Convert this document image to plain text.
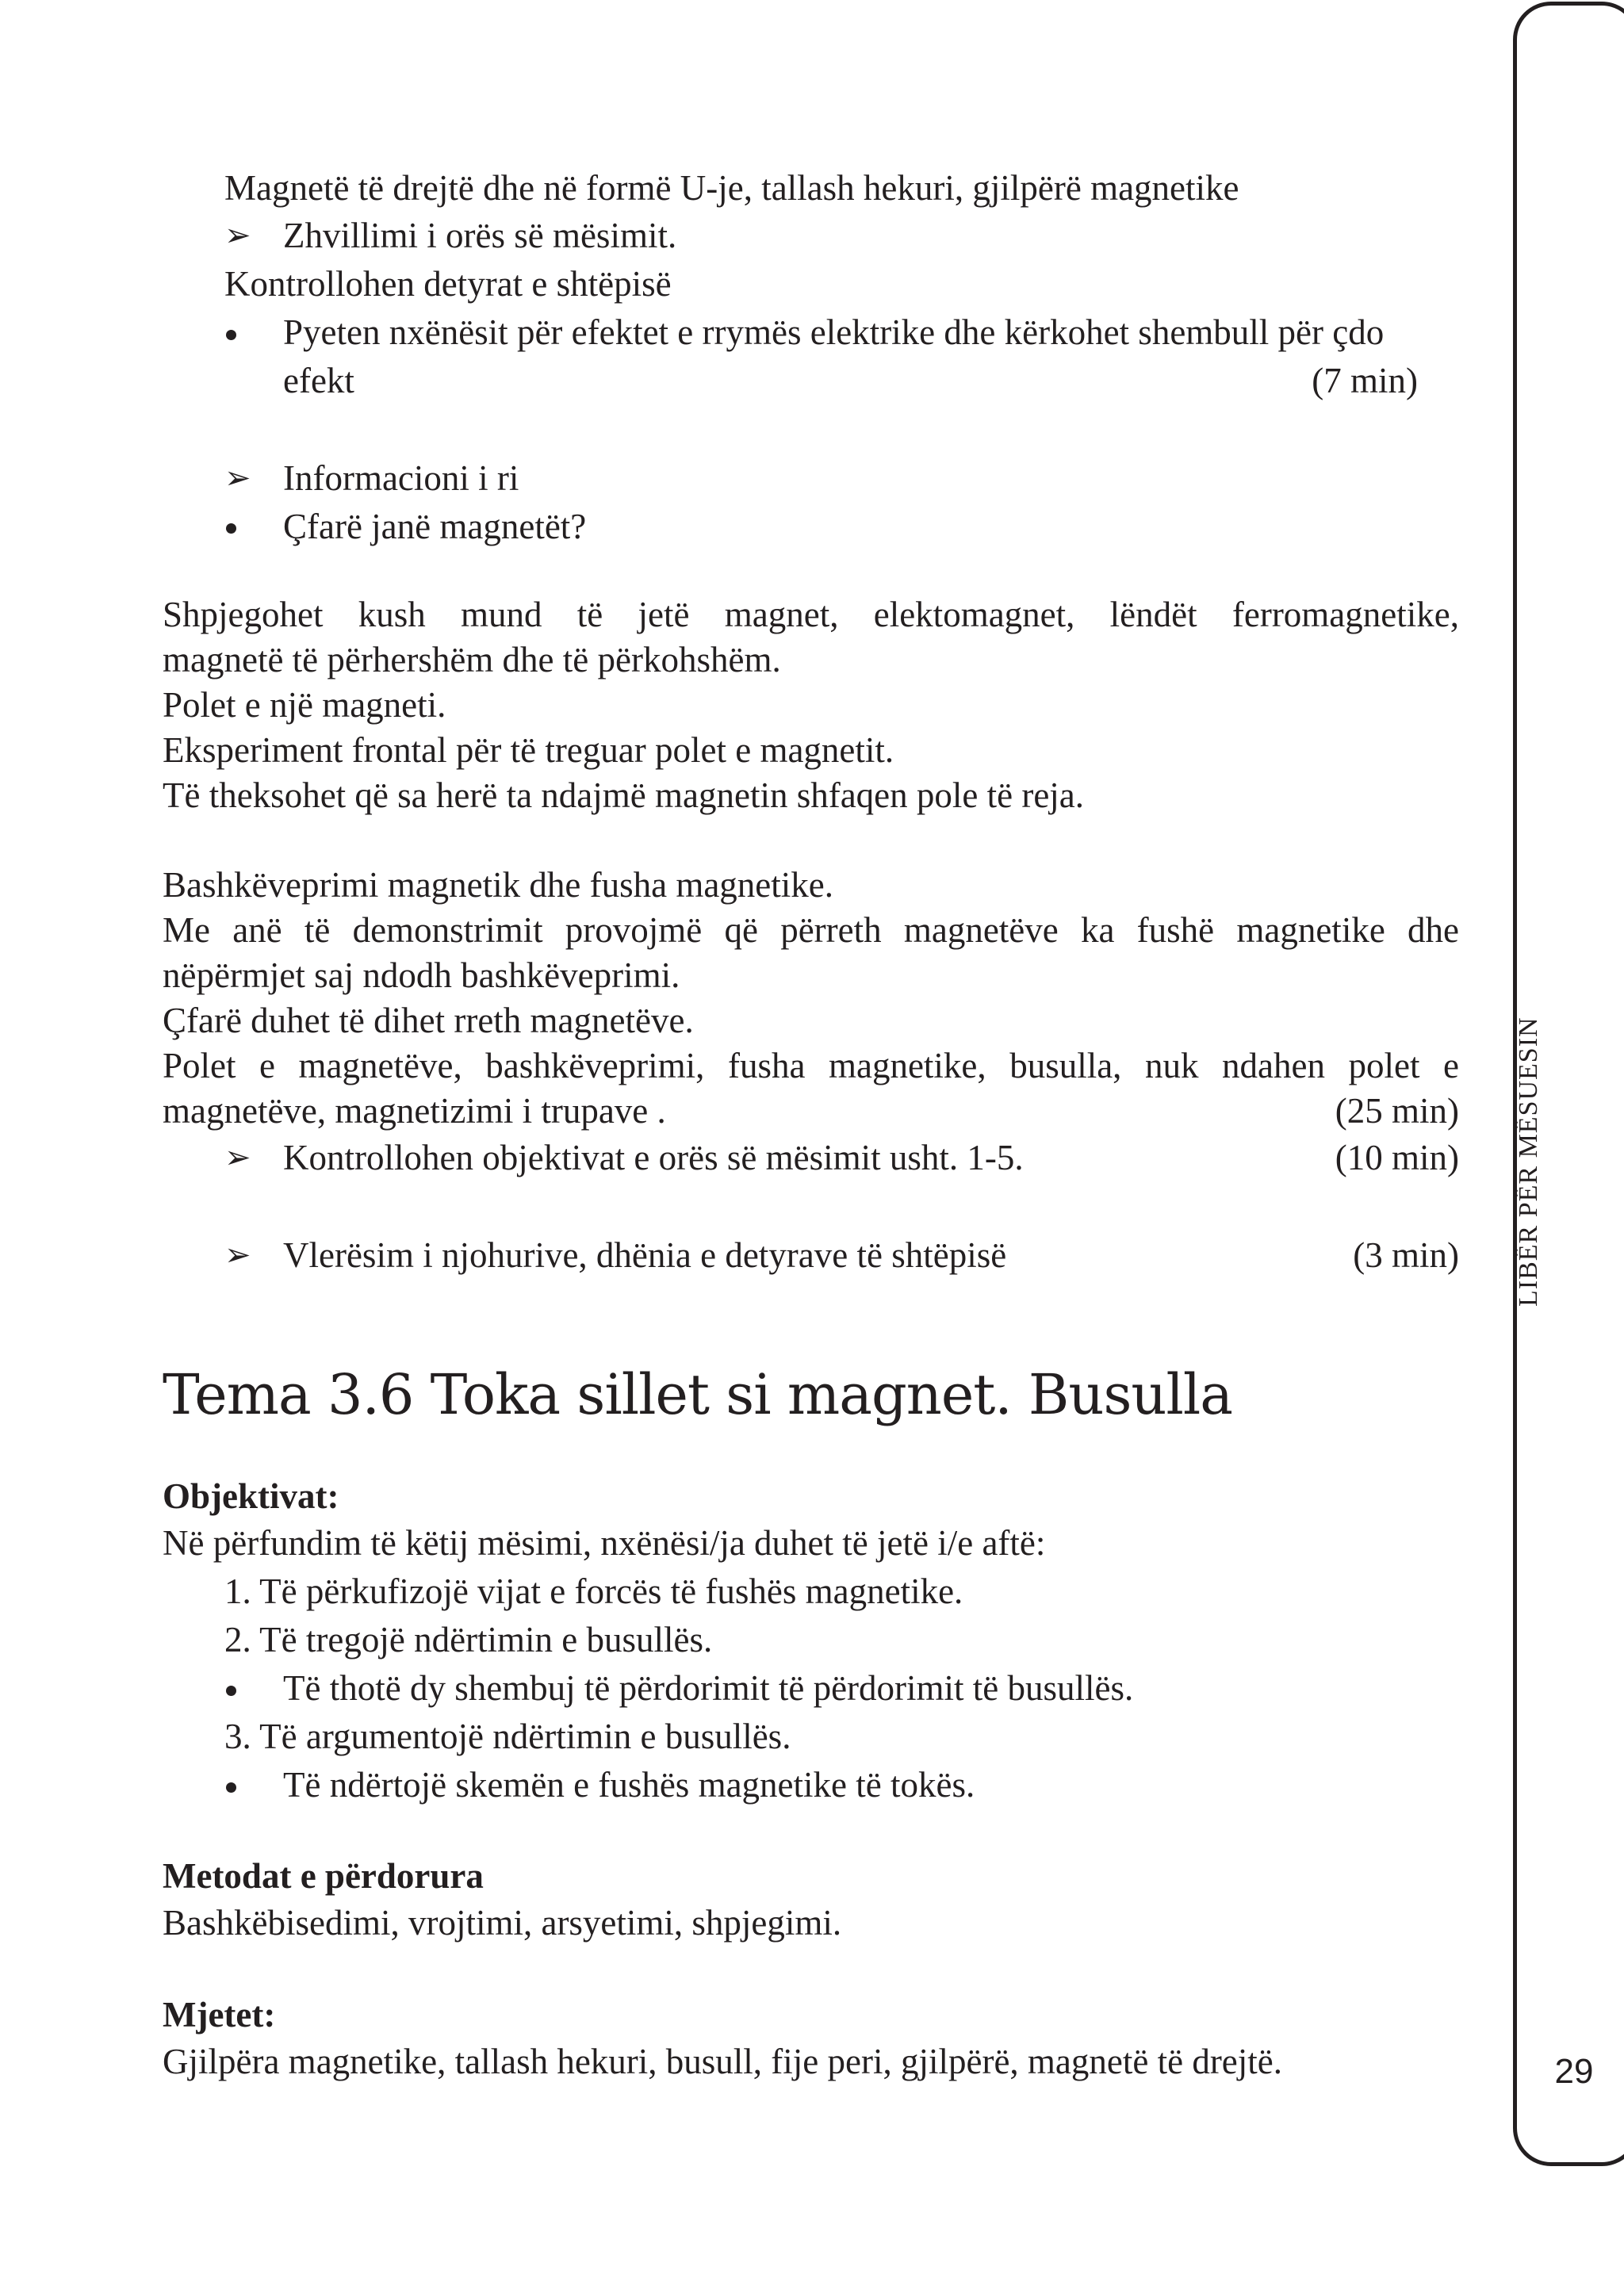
29
Magnetë të drejtë dhe në formë U-je, tallash hekuri, gjilpërë magnetike
➢ Zhvillimi i orës së mësimit.
Kontrollohen detyrat e shtëpisë
Pyeten nxënësit për efektet e rrymës elektrike dhe kërkohet shembull për çdo
efekt	(7 min)
➢ Informacioni i ri
Çfarë janë magnetët?
Shpjegohet kush mund të jetë magnet, elektomagnet, lëndët ferromagnetike,
magnetë të përhershëm dhe të përkohshëm.
Polet e një magneti.
Eksperiment frontal për të treguar polet e magnetit.
Të theksohet që sa herë ta ndajmë magnetin shfaqen pole të reja.
Bashkëveprimi magnetik dhe fusha magnetike.
Me anë të demonstrimit provojmë që përreth magnetëve ka fushë magnetike dhe
nëpërmjet saj ndodh bashkëveprimi.
Çfarë duhet të dihet rreth magnetëve.
Polet e magnetëve, bashkëveprimi, fusha magnetike, busulla, nuk ndahen polet e
magnetëve, magnetizimi i trupave .	(25 min)
➢ Kontrollohen objektivat e orës së mësimit usht. 1-5.	(10 min)
➢ Vlerësim i njohurive, dhënia e detyrave të shtëpisë	(3 min)
Tema 3.6 Toka sillet si magnet. Busulla
Objektivat:
Në përfundim të këtij mësimi, nxënësi/ja duhet të jetë i/e aftë:
1. Të përkufizojë vijat e forcës të fushës magnetike.
2. Të tregojë ndërtimin e busullës.
Të thotë dy shembuj të përdorimit të përdorimit të busullës.
3. Të argumentojë ndërtimin e busullës.
Të ndërtojë skemën e fushës magnetike të tokës.
Metodat e përdorura
Bashkëbisedimi, vrojtimi, arsyetimi, shpjegimi.
Mjetet:
Gjilpëra magnetike, tallash hekuri, busull, fije peri, gjilpërë, magnetë të drejtë.
